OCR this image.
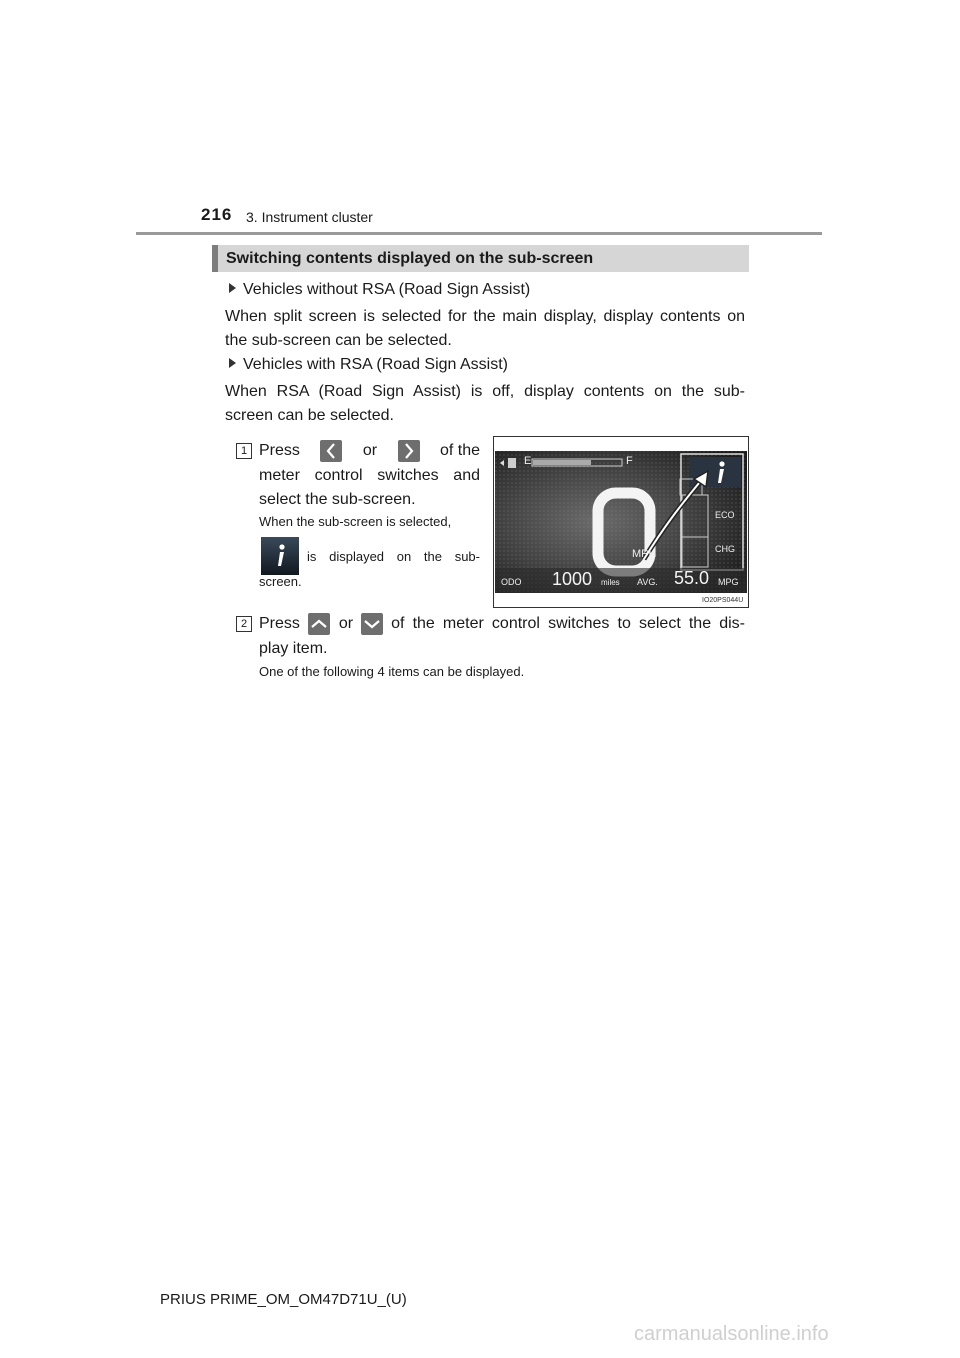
216 3. Instrument cluster
Switching contents displayed on the sub-screen
Vehicles without RSA (Road Sign Assist)
When split screen is selected for the main display, display contents on
the sub-screen can be selected.
Vehicles with RSA (Road Sign Assist)
When RSA (Road Sign Assist) is off, display contents on the sub-
screen can be selected.
1 Press	or	of the
meter control switches and
select the sub-screen.
When the sub-screen is selected,
is displayed on the sub-
screen.
E	F
MPH
ECO
CHG
ODO 1000 miles AVG. 55.0 MPG
IO20PS044U
2 Press or of the meter control switches to select the dis-
play item.
One of the following 4 items can be displayed.
PRIUS PRIME_OM_OM47D71U_(U)
carmanualsonline.info
